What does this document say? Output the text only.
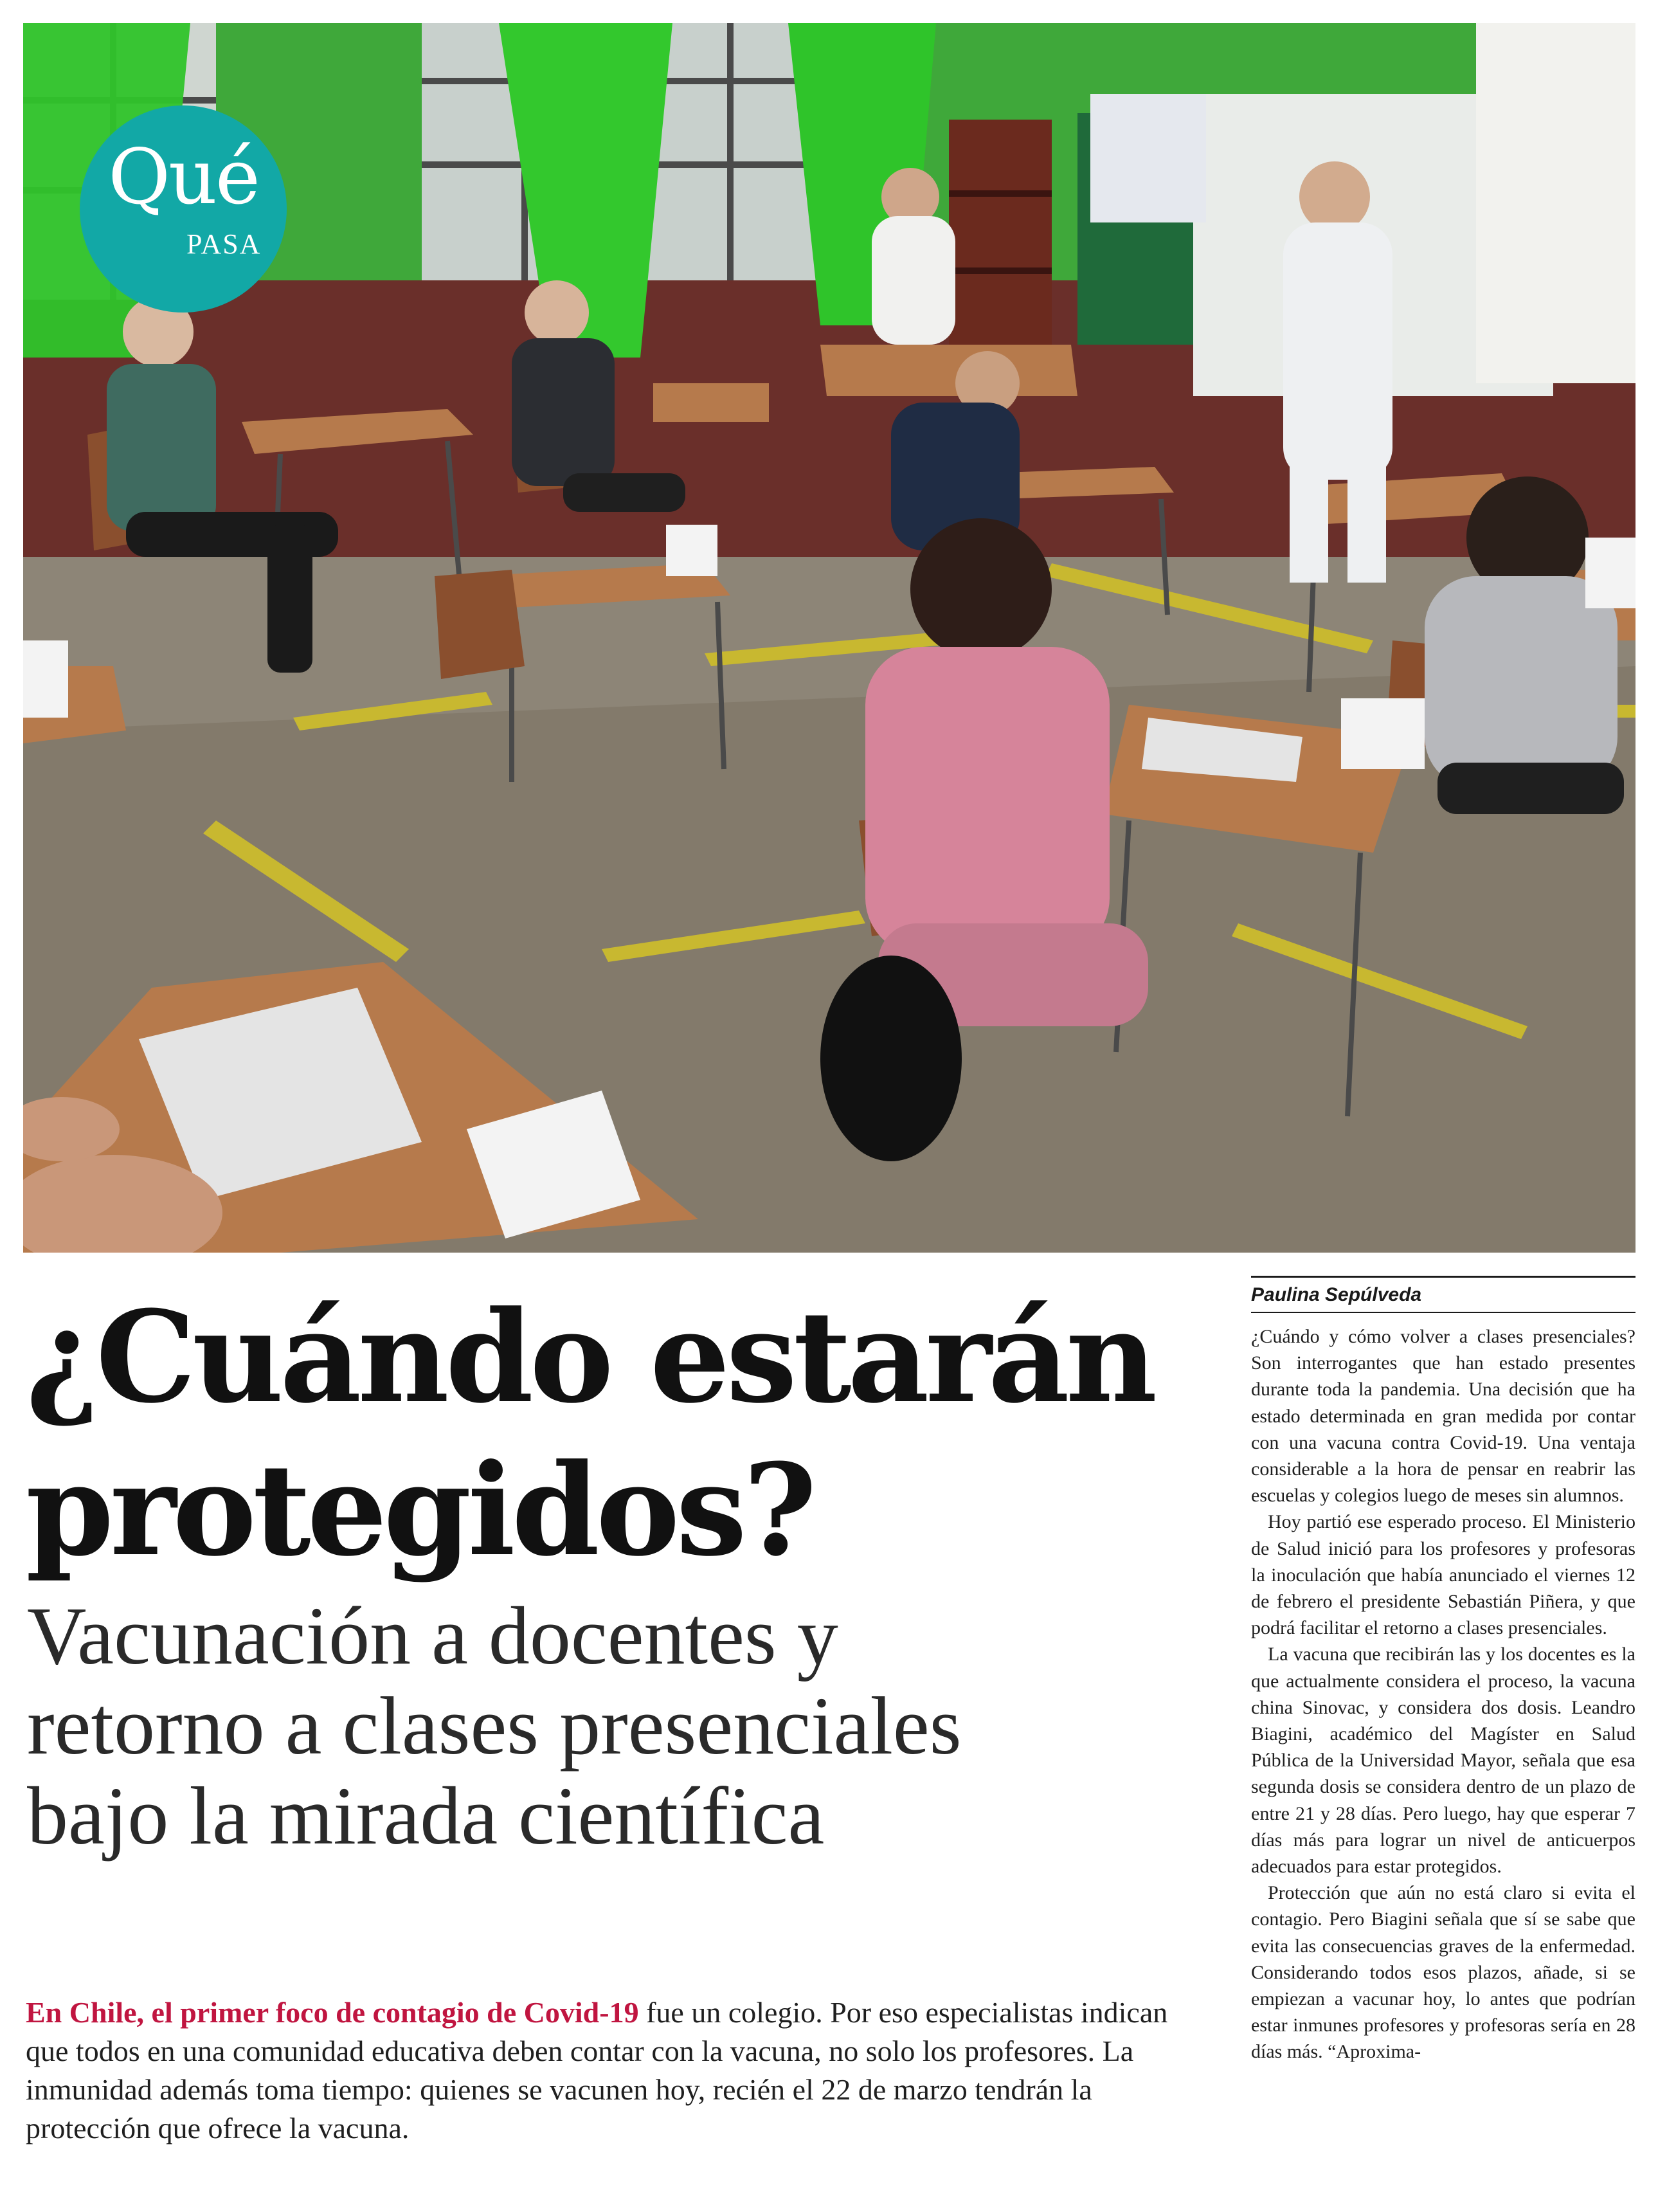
Qué
PASA
¿Cuándo estarán
protegidos?
Vacunación a docentes y
retorno a clases presenciales
bajo la mirada científica

En Chile, el primer foco de contagio de Covid-19 fue un colegio. Por eso especialistas indican que todos en una comunidad educativa deben contar con la vacuna, no solo los profesores. La inmunidad además toma tiempo: quienes se vacunen hoy, recién el 22 de marzo tendrán la protección que ofrece la vacuna.

Paulina Sepúlveda

¿Cuándo y cómo volver a clases presenciales? Son interrogantes que han estado presentes durante toda la pandemia. Una decisión que ha estado determinada en gran medida por contar con una vacuna contra Covid-19. Una ventaja considerable a la hora de pensar en reabrir las escuelas y colegios luego de meses sin alumnos.

Hoy partió ese esperado proceso. El Ministerio de Salud inició para los profesores y profesoras la inoculación que había anunciado el viernes 12 de febrero el presidente Sebastián Piñera, y que podrá facilitar el retorno a clases presenciales.

La vacuna que recibirán las y los docentes es la que actualmente considera el proceso, la vacuna china Sinovac, y considera dos dosis. Leandro Biagini, académico del Magíster en Salud Pública de la Universidad Mayor, señala que esa segunda dosis se considera dentro de un plazo de entre 21 y 28 días. Pero luego, hay que esperar 7 días más para lograr un nivel de anticuerpos adecuados para estar protegidos.

Protección que aún no está claro si evita el contagio. Pero Biagini señala que sí se sabe que evita las consecuencias graves de la enfermedad. Considerando todos esos plazos, añade, si se empiezan a vacunar hoy, lo antes que podrían estar inmunes profesores y profesoras sería en 28 días más. “Aproxima-
